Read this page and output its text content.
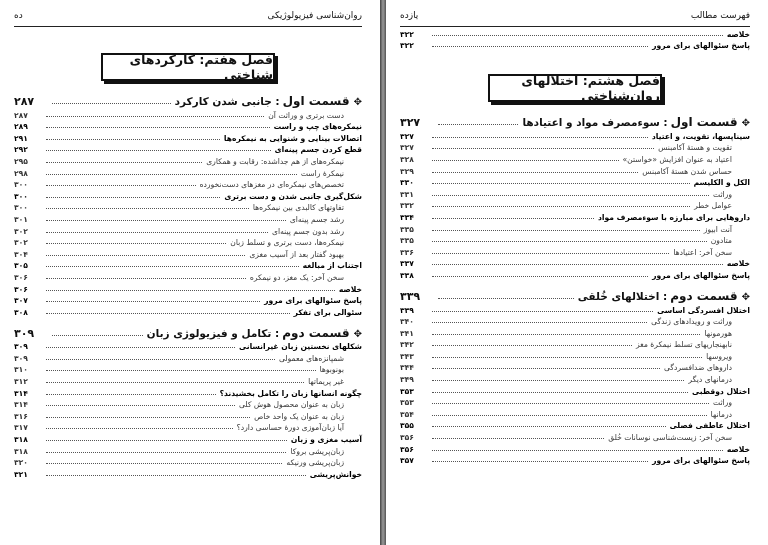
روان‌شناسی فیزیولوژیکی
ده
فصل هفتم: کارکردهای شناختی
✥
قسمت اول
: جانبی شدن کارکرد
۲۸۷
دست برتری و وراثت آن
۲۸۷
نیمکره‌های چپ و راست
۲۸۹
اتصالات بینایی و شنوایی به نیمکره‌ها
۲۹۱
قطع کردن جسم پینه‌ای
۲۹۲
نیمکره‌های از هم جداشده: رقابت و همکاری
۲۹۵
نیمکرهٔ راست
۲۹۸
تخصص‌های نیمکره‌ای در مغزهای دست‌نخورده
۳۰۰
شکل‌گیری جانبی شدن و دست برتری
۳۰۰
تفاوتهای کالبدی بین نیمکره‌ها
۳۰۰
رشد جسم پینه‌ای
۳۰۱
رشد بدون جسم پینه‌ای
۳۰۲
نیمکره‌ها، دست برتری و تسلط زبان
۳۰۲
بهبود گفتار بعد از آسیب مغزی
۳۰۴
اجتناب از مبالغه
۳۰۵
سخن آخر: یک مغز، دو نیمکره
۳۰۶
خلاصه
۳۰۶
پاسخ سئوالهای برای مرور
۳۰۷
سئوالی برای تفکر
۳۰۸
✥
قسمت دوم
: تکامل و فیزیولوژی زبان
۳۰۹
شکلهای نخستین زبان غیرانسانی
۳۰۹
شمپانزه‌های معمولی
۳۰۹
بونوبوها
۳۱۰
غیر پریماتها
۳۱۲
چگونه انسانها زبان را تکامل بخشیدند؟
۳۱۴
زبان به عنوان محصول هوش کلی
۳۱۴
زبان به عنوان یک واحد خاص
۳۱۶
آیا زبان‌آموزی دورهٔ حساسی دارد؟
۳۱۷
آسیب مغزی و زبان
۳۱۸
زبان‌پریشی بروکا
۳۱۸
زبان‌پریشی ورنیکه
۳۲۰
خوانش‌پریشی
۳۲۱
فهرست مطالب
یازده
خلاصه
۳۲۲
پاسخ سئوالهای برای مرور
۳۲۲
فصل هشتم: اختلالهای روان‌شناختی
✥
قسمت اول
: سوءمصرف مواد و اعتیادها
۳۲۷
سیناپسها، تقویت، و اعتیاد
۳۲۷
تقویت و هستهٔ آکامبنس
۳۲۷
اعتیاد به عنوان افزایش «خواستن»
۳۲۸
حساس شدن هستهٔ آکامبنس
۳۲۹
الکل و الکلیسم
۳۳۰
وراثت
۳۳۱
عوامل خطر
۳۳۲
داروهایی برای مبارزه با سوءمصرف مواد
۳۳۴
آنت ابیوز
۳۳۵
متادون
۳۳۵
سخن آخر: اعتیادها
۳۳۶
خلاصه
۳۳۷
پاسخ سئوالهای برای مرور
۳۳۸
✥
قسمت دوم
: اختلالهای خُلقی
۳۳۹
اختلال افسردگی اساسی
۳۳۹
وراثت و رویدادهای زندگی
۳۴۰
هورمونها
۳۴۱
نابهنجاریهای تسلط نیمکرهٔ مغز
۳۴۲
ویروسها
۳۴۳
داروهای ضدافسردگی
۳۴۴
درمانهای دیگر
۳۴۹
اختلال دوقطبی
۳۵۳
وراثت
۳۵۳
درمانها
۳۵۴
اختلال عاطفی فصلی
۳۵۵
سخن آخر: زیست‌شناسی نوسانات خُلق
۳۵۶
خلاصه
۳۵۶
پاسخ سئوالهای برای مرور
۳۵۷
